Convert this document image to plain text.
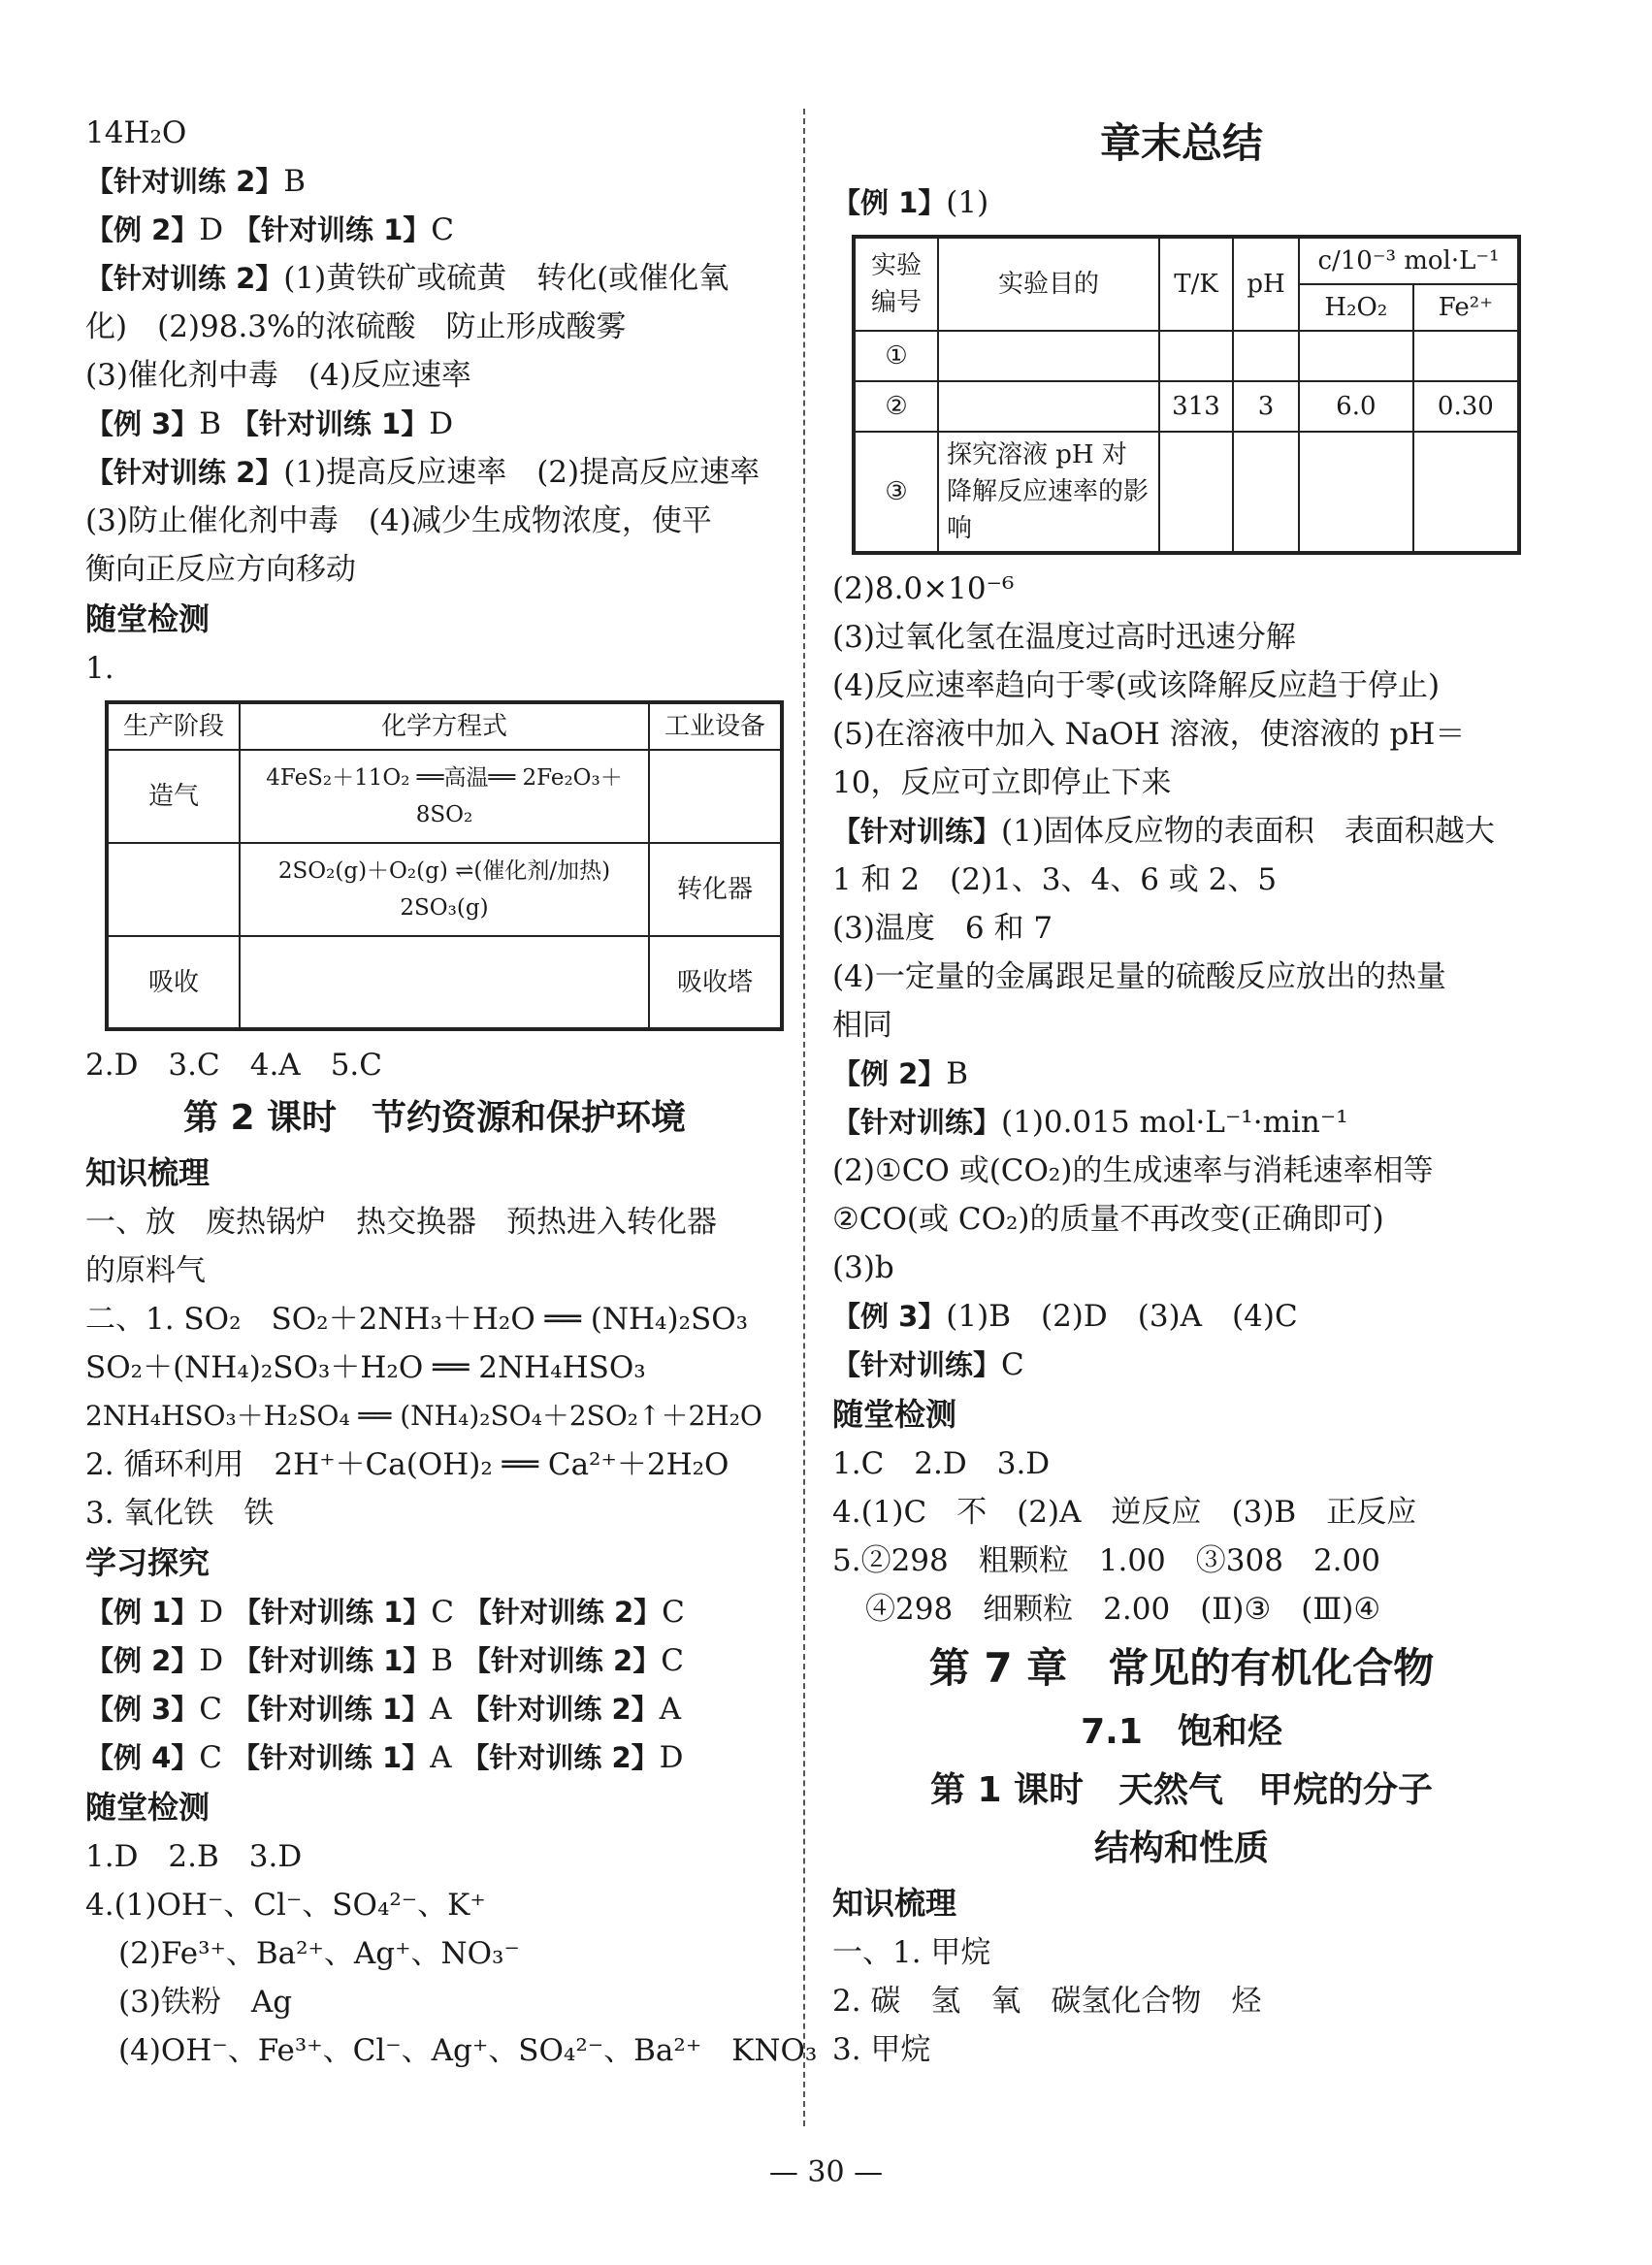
14H₂O
【针对训练 2】B
【例 2】D 【针对训练 1】C
【针对训练 2】(1)黄铁矿或硫黄　转化(或催化氧
化)　(2)98.3%的浓硫酸　防止形成酸雾
(3)催化剂中毒　(4)反应速率
【例 3】B 【针对训练 1】D
【针对训练 2】(1)提高反应速率　(2)提高反应速率
(3)防止催化剂中毒　(4)减少生成物浓度，使平
衡向正反应方向移动
随堂检测
1.
生产阶段	化学方程式	工业设备
造气	4FeS₂＋11O₂ ══高温══ 2Fe₂O₃＋8SO₂	
	2SO₂(g)＋O₂(g) ⇌(催化剂/加热) 2SO₃(g)	转化器
吸收		吸收塔
2.D　3.C　4.A　5.C
第 2 课时　节约资源和保护环境
知识梳理
一、放　废热锅炉　热交换器　预热进入转化器
的原料气
二、1. SO₂　SO₂＋2NH₃＋H₂O ══ (NH₄)₂SO₃
SO₂＋(NH₄)₂SO₃＋H₂O ══ 2NH₄HSO₃
2NH₄HSO₃＋H₂SO₄ ══ (NH₄)₂SO₄＋2SO₂↑＋2H₂O
2. 循环利用　2H⁺＋Ca(OH)₂ ══ Ca²⁺＋2H₂O
3. 氧化铁　铁
学习探究
【例 1】D 【针对训练 1】C 【针对训练 2】C
【例 2】D 【针对训练 1】B 【针对训练 2】C
【例 3】C 【针对训练 1】A 【针对训练 2】A
【例 4】C 【针对训练 1】A 【针对训练 2】D
随堂检测
1.D　2.B　3.D
4.(1)OH⁻、Cl⁻、SO₄²⁻、K⁺
(2)Fe³⁺、Ba²⁺、Ag⁺、NO₃⁻
(3)铁粉　Ag
(4)OH⁻、Fe³⁺、Cl⁻、Ag⁺、SO₄²⁻、Ba²⁺　KNO₃
章末总结
【例 1】(1)
实验编号	实验目的	T/K	pH	c/10⁻³ mol·L⁻¹	
				H₂O₂	Fe²⁺
①					
②		313	3	6.0	0.30
③	探究溶液 pH 对降解反应速率的影响				
(2)8.0×10⁻⁶
(3)过氧化氢在温度过高时迅速分解
(4)反应速率趋向于零(或该降解反应趋于停止)
(5)在溶液中加入 NaOH 溶液，使溶液的 pH＝
10，反应可立即停止下来
【针对训练】(1)固体反应物的表面积　表面积越大
1 和 2　(2)1、3、4、6 或 2、5
(3)温度　6 和 7
(4)一定量的金属跟足量的硫酸反应放出的热量
相同
【例 2】B
【针对训练】(1)0.015 mol·L⁻¹·min⁻¹
(2)①CO 或(CO₂)的生成速率与消耗速率相等
②CO(或 CO₂)的质量不再改变(正确即可)
(3)b
【例 3】(1)B　(2)D　(3)A　(4)C
【针对训练】C
随堂检测
1.C　2.D　3.D
4.(1)C　不　(2)A　逆反应　(3)B　正反应
5.②298　粗颗粒　1.00　③308　2.00
④298　细颗粒　2.00　(Ⅱ)③　(Ⅲ)④
第 7 章　常见的有机化合物
7.1　饱和烃
第 1 课时　天然气　甲烷的分子
结构和性质
知识梳理
一、1. 甲烷
2. 碳　氢　氧　碳氢化合物　烃
3. 甲烷
— 30 —
